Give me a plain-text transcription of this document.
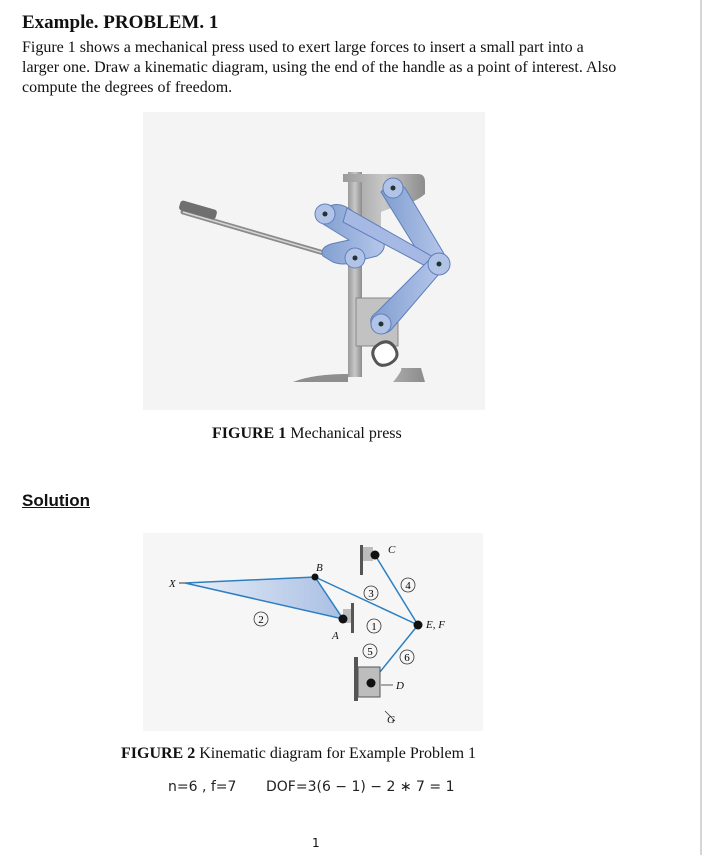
Example. PROBLEM. 1

Figure 1 shows a mechanical press used to exert large forces to insert a small part into a larger one. Draw a kinematic diagram, using the end of the handle as a point of interest. Also compute the degrees of freedom.

FIGURE 1 Mechanical press
Solution
2
3
4
1
5	6
X
B
A
C
E, F
D
G
FIGURE 2 Kinematic diagram for Example Problem 1
n=6 , f=7 DOF=3(6 − 1) − 2 ∗ 7 = 1
1
